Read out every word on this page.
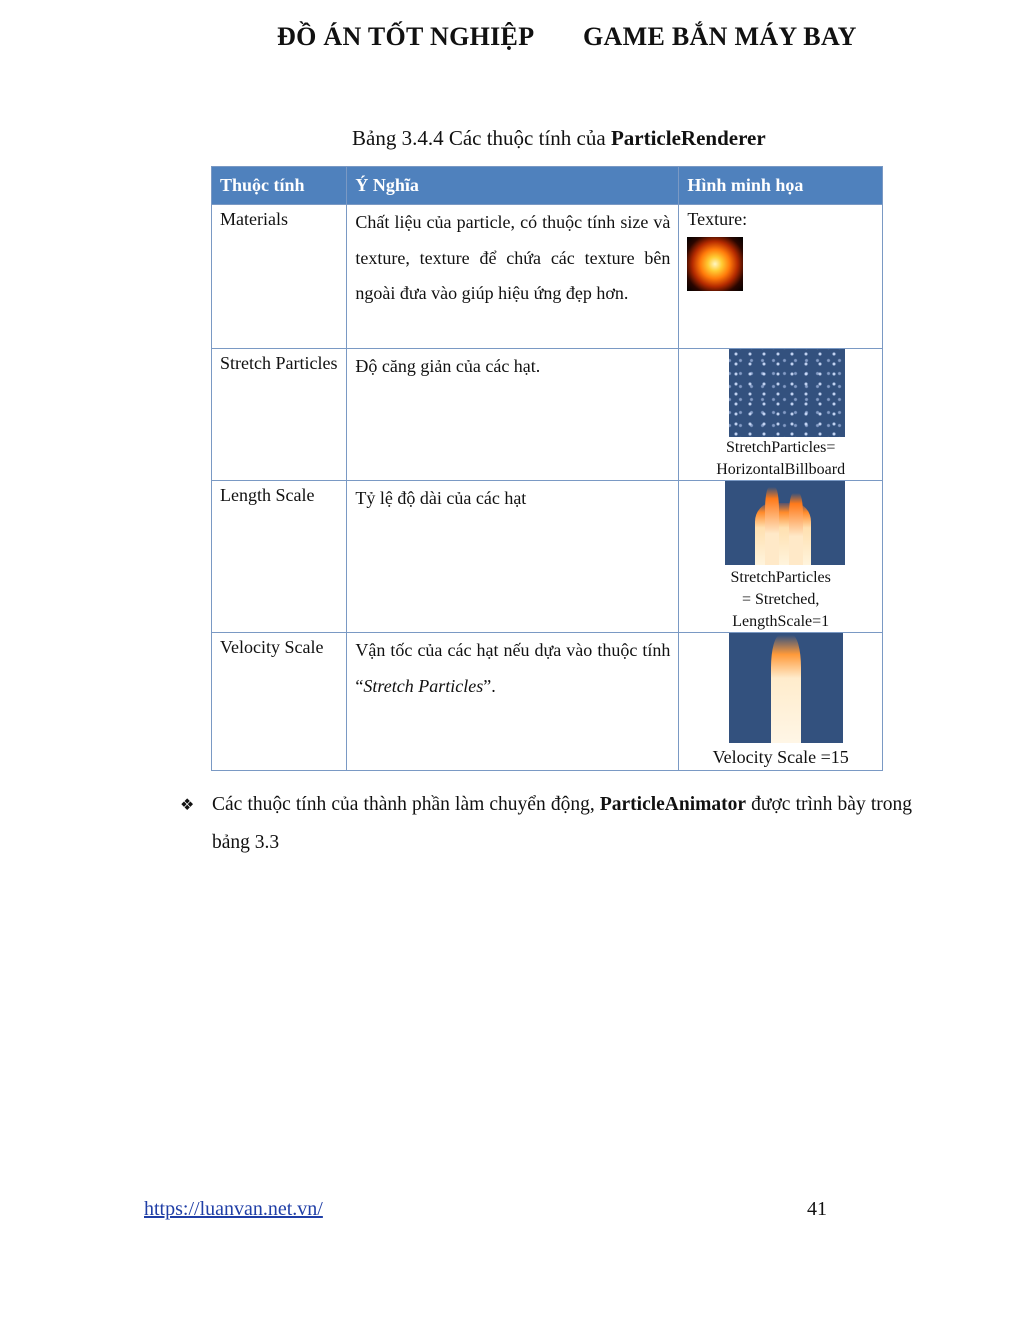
ĐỒ ÁN TỐT NGHIỆP GAME BẮN MÁY BAY
Bảng 3.4.4 Các thuộc tính của ParticleRenderer
Thuộc tính	Ý Nghĩa	Hình minh họa
Materials	Chất liệu của particle, có thuộc tính size và texture, texture để chứa các texture bên ngoài đưa vào giúp hiệu ứng đẹp hơn.	Texture:

Stretch Particles	Độ căng giản của các hạt.	StretchParticles=
HorizontalBillboard

Length Scale	Tỷ lệ độ dài của các hạt	StretchParticles
= Stretched,
LengthScale=1

Velocity Scale	Vận tốc của các hạt nếu dựa vào thuộc tính “Stretch Particles”.	Velocity Scale =15
❖ Các thuộc tính của thành phần làm chuyển động, ParticleAnimator được trình bày trong bảng 3.3
https://luanvan.net.vn/	41
